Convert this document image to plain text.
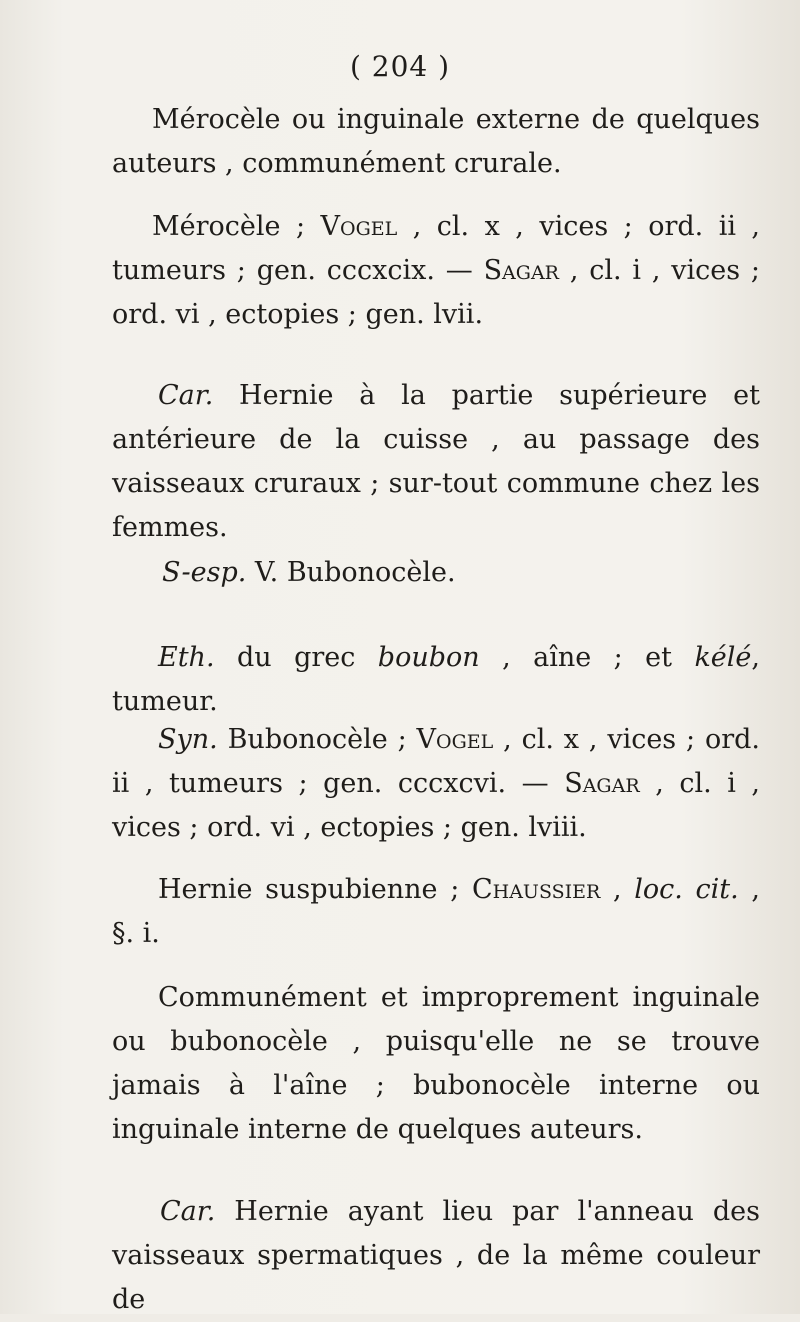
( 204 )

Mérocèle ou inguinale externe de quelques auteurs , communément crurale.

Mérocèle ; Vogel , cl. x , vices ; ord. ii , tumeurs ; gen. cccxcix. — Sagar , cl. i , vices ; ord. vi , ectopies ; gen. lvii.

Car. Hernie à la partie supérieure et antérieure de la cuisse , au passage des vaisseaux cruraux ; sur-tout commune chez les femmes.

S-esp. V. Bubonocèle.

Eth. du grec boubon , aîne ; et kélé, tumeur.

Syn. Bubonocèle ; Vogel , cl. x , vices ; ord. ii , tumeurs ; gen. cccxcvi. — Sagar , cl. i , vices ; ord. vi , ectopies ; gen. lviii.

Hernie suspubienne ; Chaussier , loc. cit. , §. i.

Communément et improprement inguinale ou bubonocèle , puisqu'elle ne se trouve jamais à l'aîne ; bubonocèle interne ou inguinale interne de quelques auteurs.

Car. Hernie ayant lieu par l'anneau des vaisseaux spermatiques , de la même couleur de
